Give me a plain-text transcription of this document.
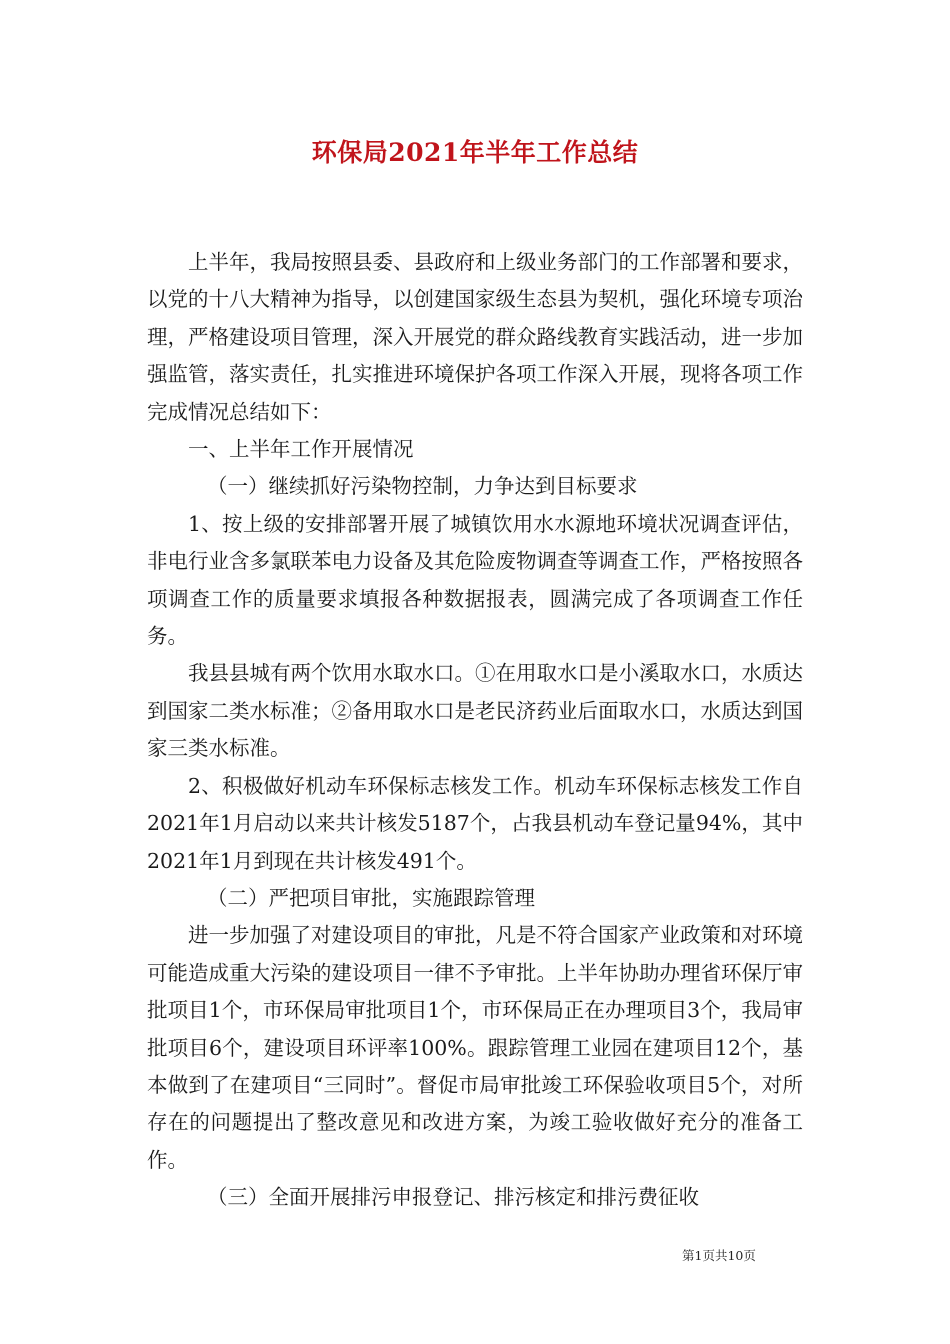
环保局2021年半年工作总结

上半年，我局按照县委、县政府和上级业务部门的工作部署和要求，以党的十八大精神为指导，以创建国家级生态县为契机，强化环境专项治理，严格建设项目管理，深入开展党的群众路线教育实践活动，进一步加强监管，落实责任，扎实推进环境保护各项工作深入开展，现将各项工作完成情况总结如下：

一、上半年工作开展情况

（一）继续抓好污染物控制，力争达到目标要求

1、按上级的安排部署开展了城镇饮用水水源地环境状况调查评估，非电行业含多氯联苯电力设备及其危险废物调查等调查工作，严格按照各项调查工作的质量要求填报各种数据报表，圆满完成了各项调查工作任务。

我县县城有两个饮用水取水口。①在用取水口是小溪取水口，水质达到国家二类水标准；②备用取水口是老民济药业后面取水口，水质达到国家三类水标准。

2、积极做好机动车环保标志核发工作。机动车环保标志核发工作自2021年1月启动以来共计核发5187个，占我县机动车登记量94%，其中2021年1月到现在共计核发491个。

（二）严把项目审批，实施跟踪管理

进一步加强了对建设项目的审批，凡是不符合国家产业政策和对环境可能造成重大污染的建设项目一律不予审批。上半年协助办理省环保厅审批项目1个，市环保局审批项目1个，市环保局正在办理项目3个，我局审批项目6个，建设项目环评率100%。跟踪管理工业园在建项目12个，基本做到了在建项目“三同时”。督促市局审批竣工环保验收项目5个，对所存在的问题提出了整改意见和改进方案，为竣工验收做好充分的准备工作。

（三）全面开展排污申报登记、排污核定和排污费征收

第1页共10页
